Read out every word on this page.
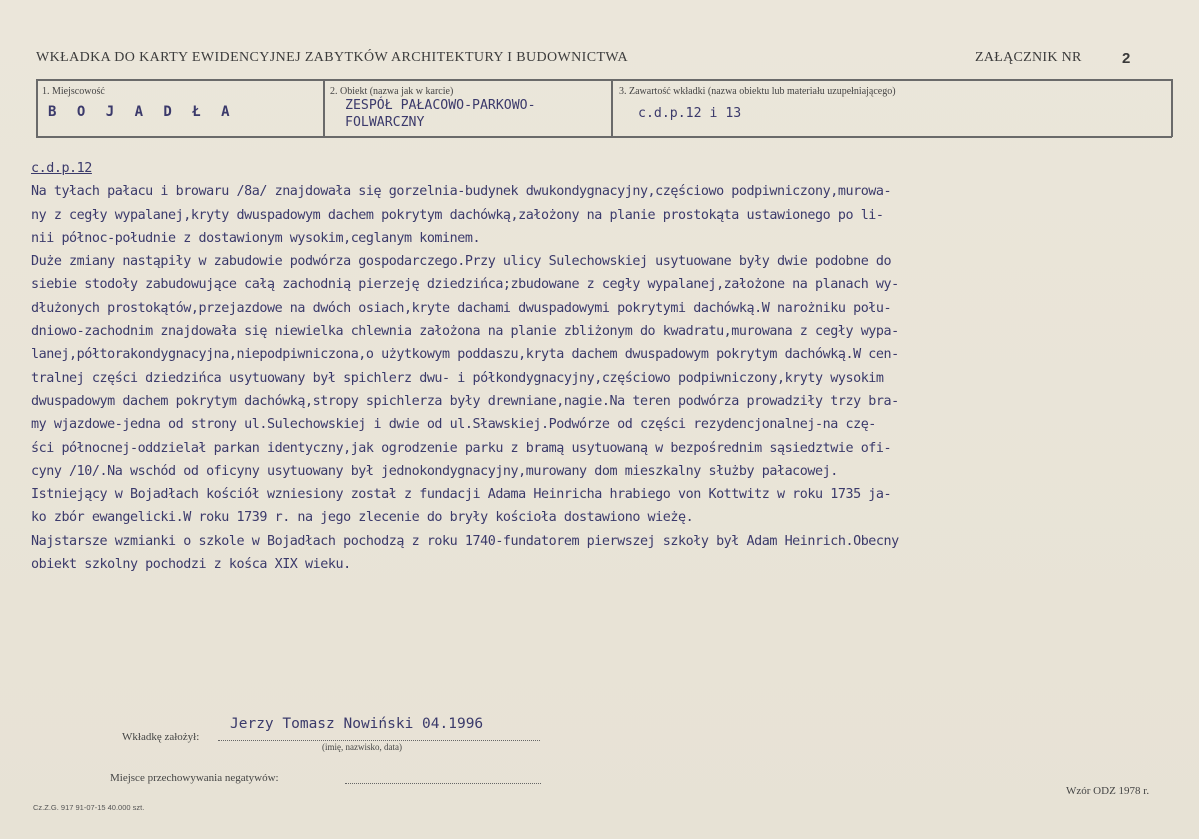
WKŁADKA DO KARTY EWIDENCYJNEJ ZABYTKÓW ARCHITEKTURY I BUDOWNICTWA	ZAŁĄCZNIK NR	2
1. Miejscowość
B O J A D Ł A
2. Obiekt (nazwa jak w karcie)
ZESPÓŁ PAŁACOWO-PARKOWO-
FOLWARCZNY
3. Zawartość wkładki (nazwa obiektu lub materiału uzupełniającego)
c.d.p.12 i 13

c.d.p.12

Na tyłach pałacu i browaru /8a/ znajdowała się gorzelnia-budynek dwukondygnacyjny,częściowo podpiwniczony,murowa-

ny z cegły wypalanej,kryty dwuspadowym dachem pokrytym dachówką,założony na planie prostokąta ustawionego po li-

nii północ-południe z dostawionym wysokim,ceglanym kominem.

Duże zmiany nastąpiły w zabudowie podwórza gospodarczego.Przy ulicy Sulechowskiej usytuowane były dwie podobne do

siebie stodoły zabudowujące całą zachodnią pierzeję dziedzińca;zbudowane z cegły wypalanej,założone na planach wy-

dłużonych prostokątów,przejazdowe na dwóch osiach,kryte dachami dwuspadowymi pokrytymi dachówką.W narożniku połu-

dniowo-zachodnim znajdowała się niewielka chlewnia założona na planie zbliżonym do kwadratu,murowana z cegły wypa-

lanej,półtorakondygnacyjna,niepodpiwniczona,o użytkowym poddaszu,kryta dachem dwuspadowym pokrytym dachówką.W cen-

tralnej części dziedzińca usytuowany był spichlerz dwu- i półkondygnacyjny,częściowo podpiwniczony,kryty wysokim

dwuspadowym dachem pokrytym dachówką,stropy spichlerza były drewniane,nagie.Na teren podwórza prowadziły trzy bra-

my wjazdowe-jedna od strony ul.Sulechowskiej i dwie od ul.Sławskiej.Podwórze od części rezydencjonalnej-na czę-

ści północnej-oddzielał parkan identyczny,jak ogrodzenie parku z bramą usytuowaną w bezpośrednim sąsiedztwie ofi-

cyny /10/.Na wschód od oficyny usytuowany był jednokondygnacyjny,murowany dom mieszkalny służby pałacowej.

Istniejący w Bojadłach kościół wzniesiony został z fundacji Adama Heinricha hrabiego von Kottwitz w roku 1735 ja-

ko zbór ewangelicki.W roku 1739 r. na jego zlecenie do bryły kościoła dostawiono wieżę.

Najstarsze wzmianki o szkole w Bojadłach pochodzą z roku 1740-fundatorem pierwszej szkoły był Adam Heinrich.Obecny

obiekt szkolny pochodzi z kośca XIX wieku.

Wkładkę założył:
Jerzy Tomasz Nowiński 04.1996
(imię, nazwisko, data)
Miejsce przechowywania negatywów:
Cz.Z.G. 917 91-07-15 40.000 szt.
Wzór ODZ 1978 r.
